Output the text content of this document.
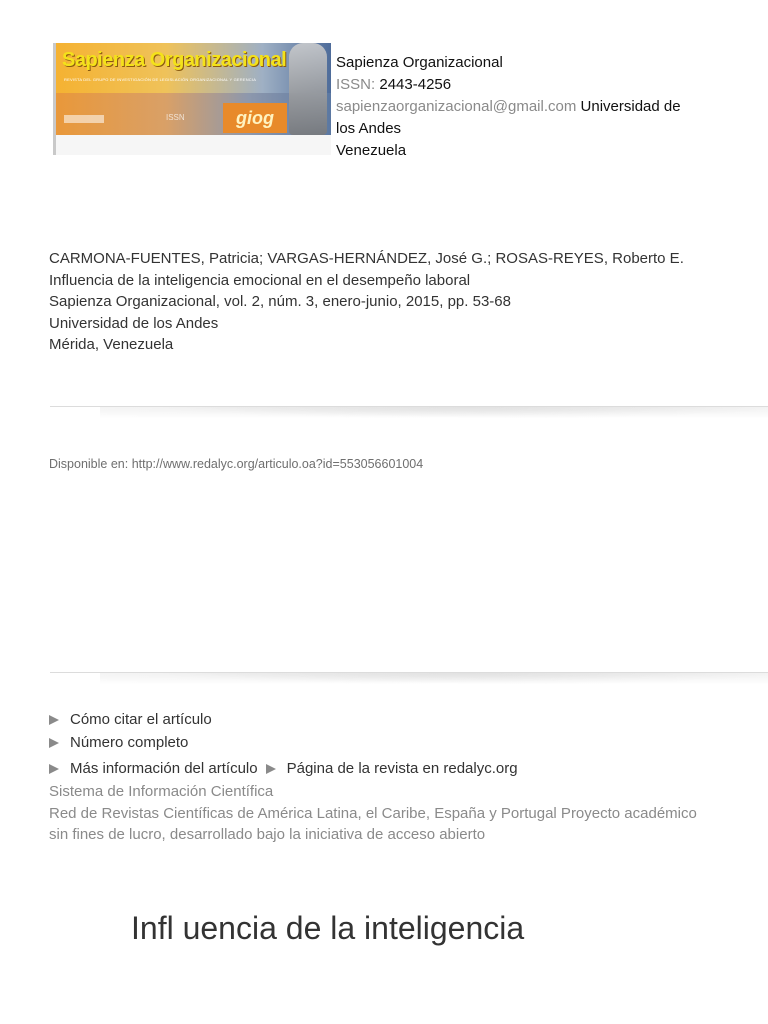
Sapienza Organizacional
REVISTA DEL GRUPO DE INVESTIGACIÓN DE LEGISLACIÓN ORGANIZACIONAL Y GERENCIA
ISSN	giog
Sapienza Organizacional
ISSN: 2443-4256
sapienzaorganizacional@gmail.com Universidad de los Andes
Venezuela
CARMONA-FUENTES, Patricia; VARGAS-HERNÁNDEZ, José G.; ROSAS-REYES, Roberto E.
Influencia de la inteligencia emocional en el desempeño laboral
Sapienza Organizacional, vol. 2, núm. 3, enero-junio, 2015, pp. 53-68
Universidad de los Andes
Mérida, Venezuela
Disponible en: http://www.redalyc.org/articulo.oa?id=553056601004
Cómo citar el artículo
Número completo
Más información del artículo Página de la revista en redalyc.org
Sistema de Información Científica
Red de Revistas Científicas de América Latina, el Caribe, España y Portugal Proyecto académico sin fines de lucro, desarrollado bajo la iniciativa de acceso abierto
Infl uencia de la inteligencia
